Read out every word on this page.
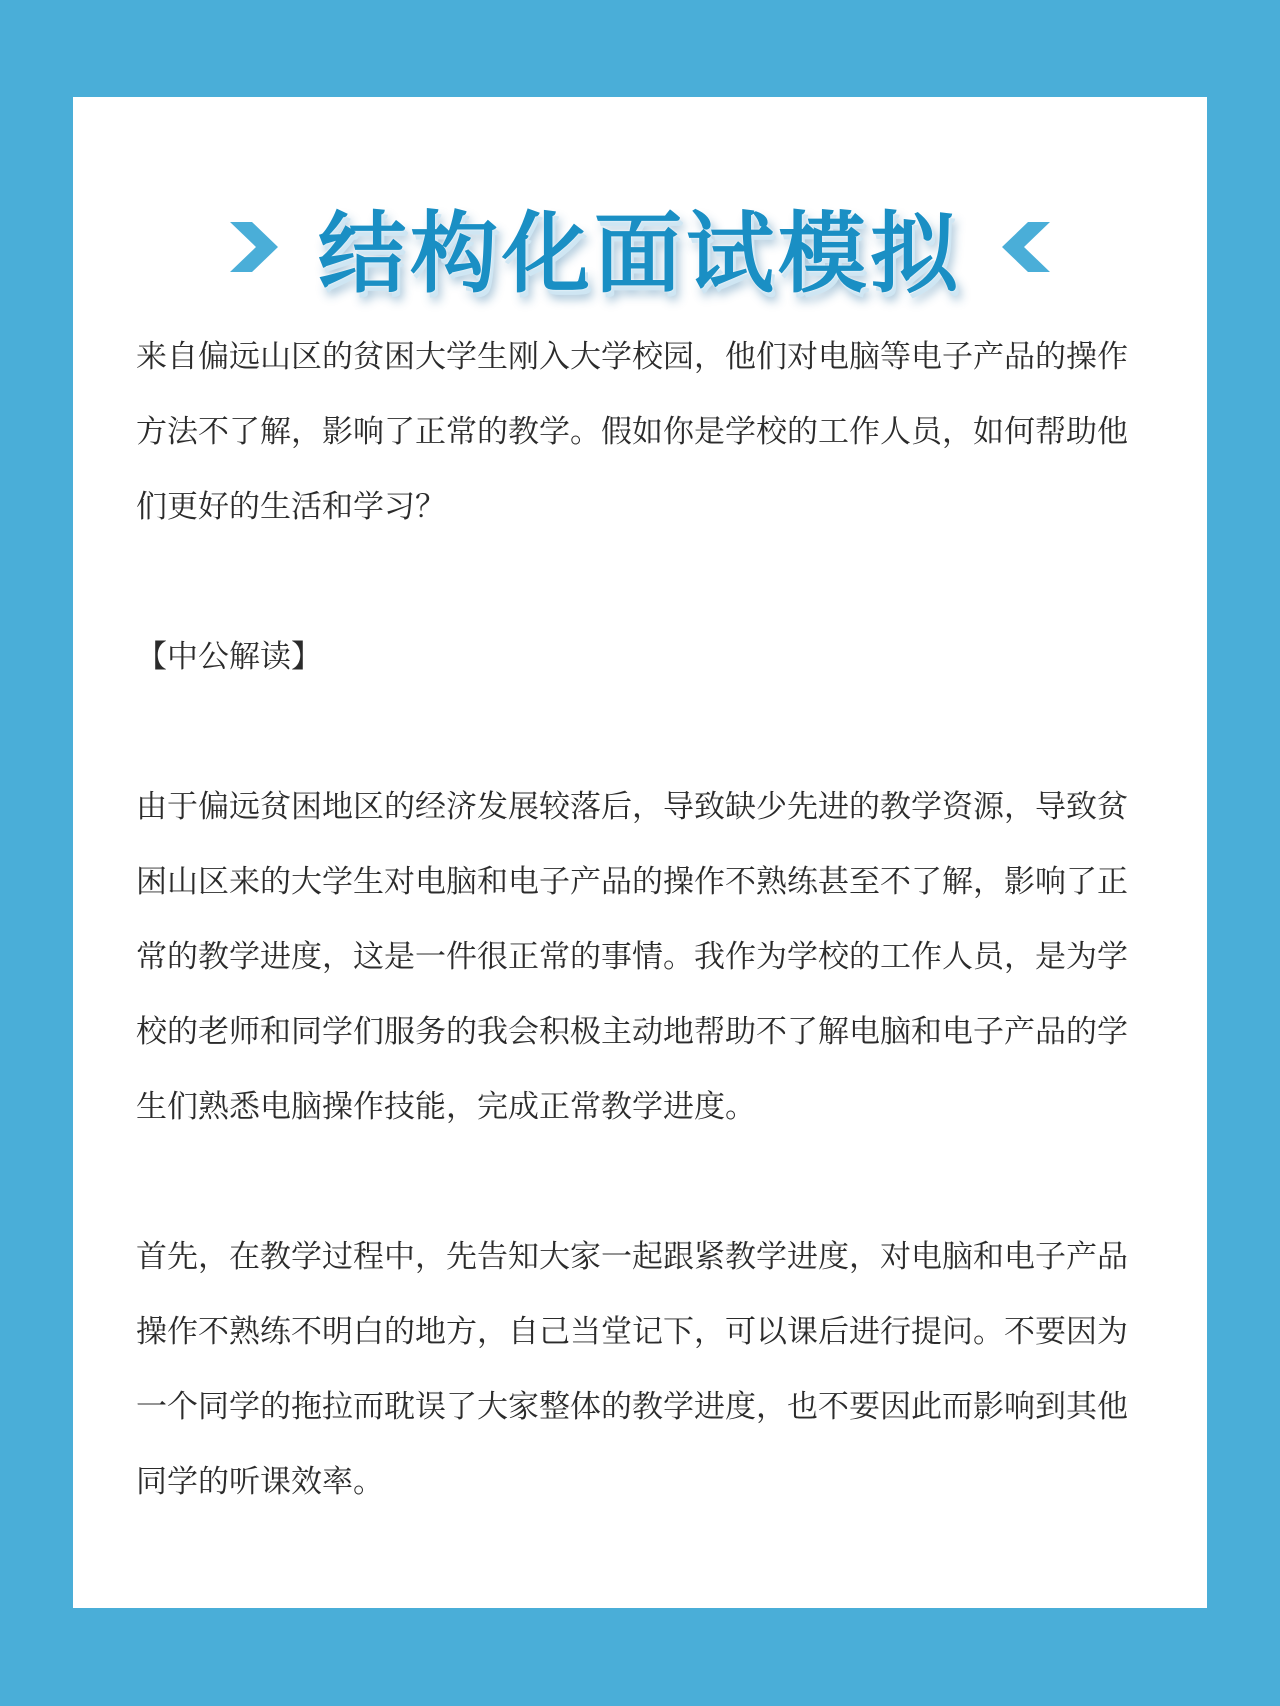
结构化面试模拟

来自偏远山区的贫困大学生刚入大学校园，他们对电脑等电子产品的操作方法不了解，影响了正常的教学。假如你是学校的工作人员，如何帮助他们更好的生活和学习？

【中公解读】

由于偏远贫困地区的经济发展较落后，导致缺少先进的教学资源，导致贫困山区来的大学生对电脑和电子产品的操作不熟练甚至不了解，影响了正常的教学进度，这是一件很正常的事情。我作为学校的工作人员，是为学校的老师和同学们服务的我会积极主动地帮助不了解电脑和电子产品的学生们熟悉电脑操作技能，完成正常教学进度。

首先，在教学过程中，先告知大家一起跟紧教学进度，对电脑和电子产品操作不熟练不明白的地方，自己当堂记下，可以课后进行提问。不要因为一个同学的拖拉而耽误了大家整体的教学进度，也不要因此而影响到其他同学的听课效率。
